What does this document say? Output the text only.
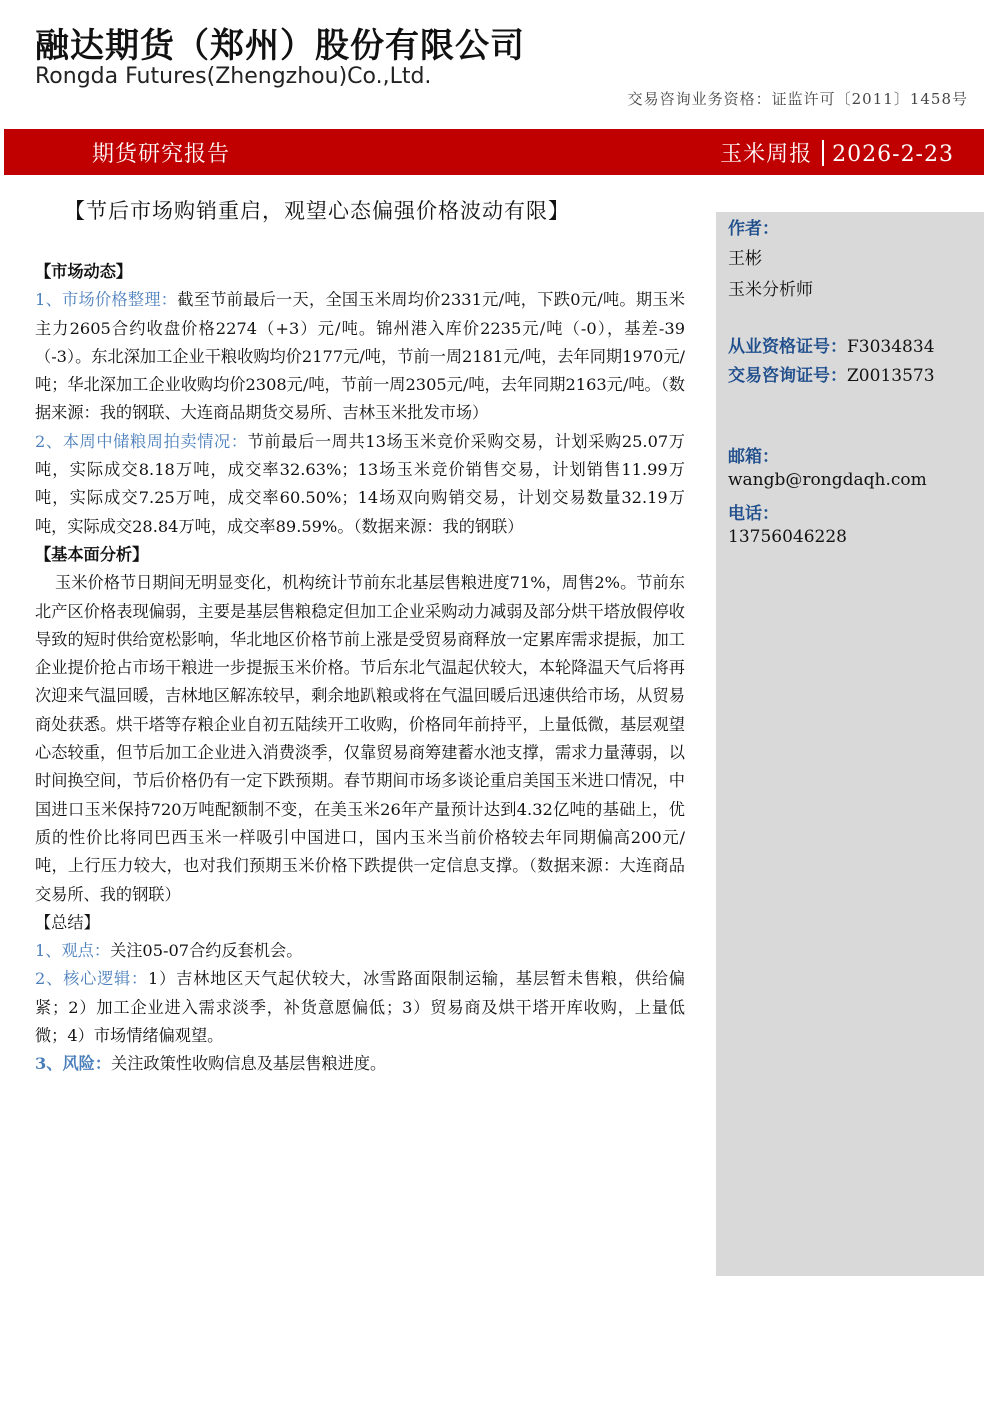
融达期货（郑州）股份有限公司
Rongda Futures(Zhengzhou)Co.,Ltd.
交易咨询业务资格：证监许可〔2011〕1458号
期货研究报告	玉米周报 2026-2-23
【节后市场购销重启，观望心态偏强价格波动有限】
作者：
王彬
玉米分析师
从业资格证号：F3034834
交易咨询证号：Z0013573
邮箱：
wangb@rongdaqh.com
电话：
13756046228

【市场动态】

1、市场价格整理：截至节前最后一天，全国玉米周均价2331元/吨，下跌0元/吨。期玉米主力2605合约收盘价格2274（+3）元/吨。锦州港入库价2235元/吨（-0），基差-39（-3）。东北深加工企业干粮收购均价2177元/吨，节前一周2181元/吨，去年同期1970元/吨；华北深加工企业收购均价2308元/吨，节前一周2305元/吨，去年同期2163元/吨。（数据来源：我的钢联、大连商品期货交易所、吉林玉米批发市场）

2、本周中储粮周拍卖情况：节前最后一周共13场玉米竞价采购交易，计划采购25.07万吨，实际成交8.18万吨，成交率32.63%；13场玉米竞价销售交易，计划销售11.99万吨，实际成交7.25万吨，成交率60.50%；14场双向购销交易，计划交易数量32.19万吨，实际成交28.84万吨，成交率89.59%。（数据来源：我的钢联）

【基本面分析】

玉米价格节日期间无明显变化，机构统计节前东北基层售粮进度71%，周售2%。节前东北产区价格表现偏弱，主要是基层售粮稳定但加工企业采购动力减弱及部分烘干塔放假停收导致的短时供给宽松影响，华北地区价格节前上涨是受贸易商释放一定累库需求提振，加工企业提价抢占市场干粮进一步提振玉米价格。节后东北气温起伏较大，本轮降温天气后将再次迎来气温回暖，吉林地区解冻较早，剩余地趴粮或将在气温回暖后迅速供给市场，从贸易商处获悉。烘干塔等存粮企业自初五陆续开工收购，价格同年前持平，上量低微，基层观望心态较重，但节后加工企业进入消费淡季，仅靠贸易商筹建蓄水池支撑，需求力量薄弱，以时间换空间，节后价格仍有一定下跌预期。春节期间市场多谈论重启美国玉米进口情况，中国进口玉米保持720万吨配额制不变，在美玉米26年产量预计达到4.32亿吨的基础上，优质的性价比将同巴西玉米一样吸引中国进口，国内玉米当前价格较去年同期偏高200元/吨，上行压力较大，也对我们预期玉米价格下跌提供一定信息支撑。（数据来源：大连商品交易所、我的钢联）

【总结】

1、观点：关注05-07合约反套机会。

2、核心逻辑：1）吉林地区天气起伏较大，冰雪路面限制运输，基层暂未售粮，供给偏紧；2）加工企业进入需求淡季，补货意愿偏低；3）贸易商及烘干塔开库收购，上量低微；4）市场情绪偏观望。

3、风险：关注政策性收购信息及基层售粮进度。
